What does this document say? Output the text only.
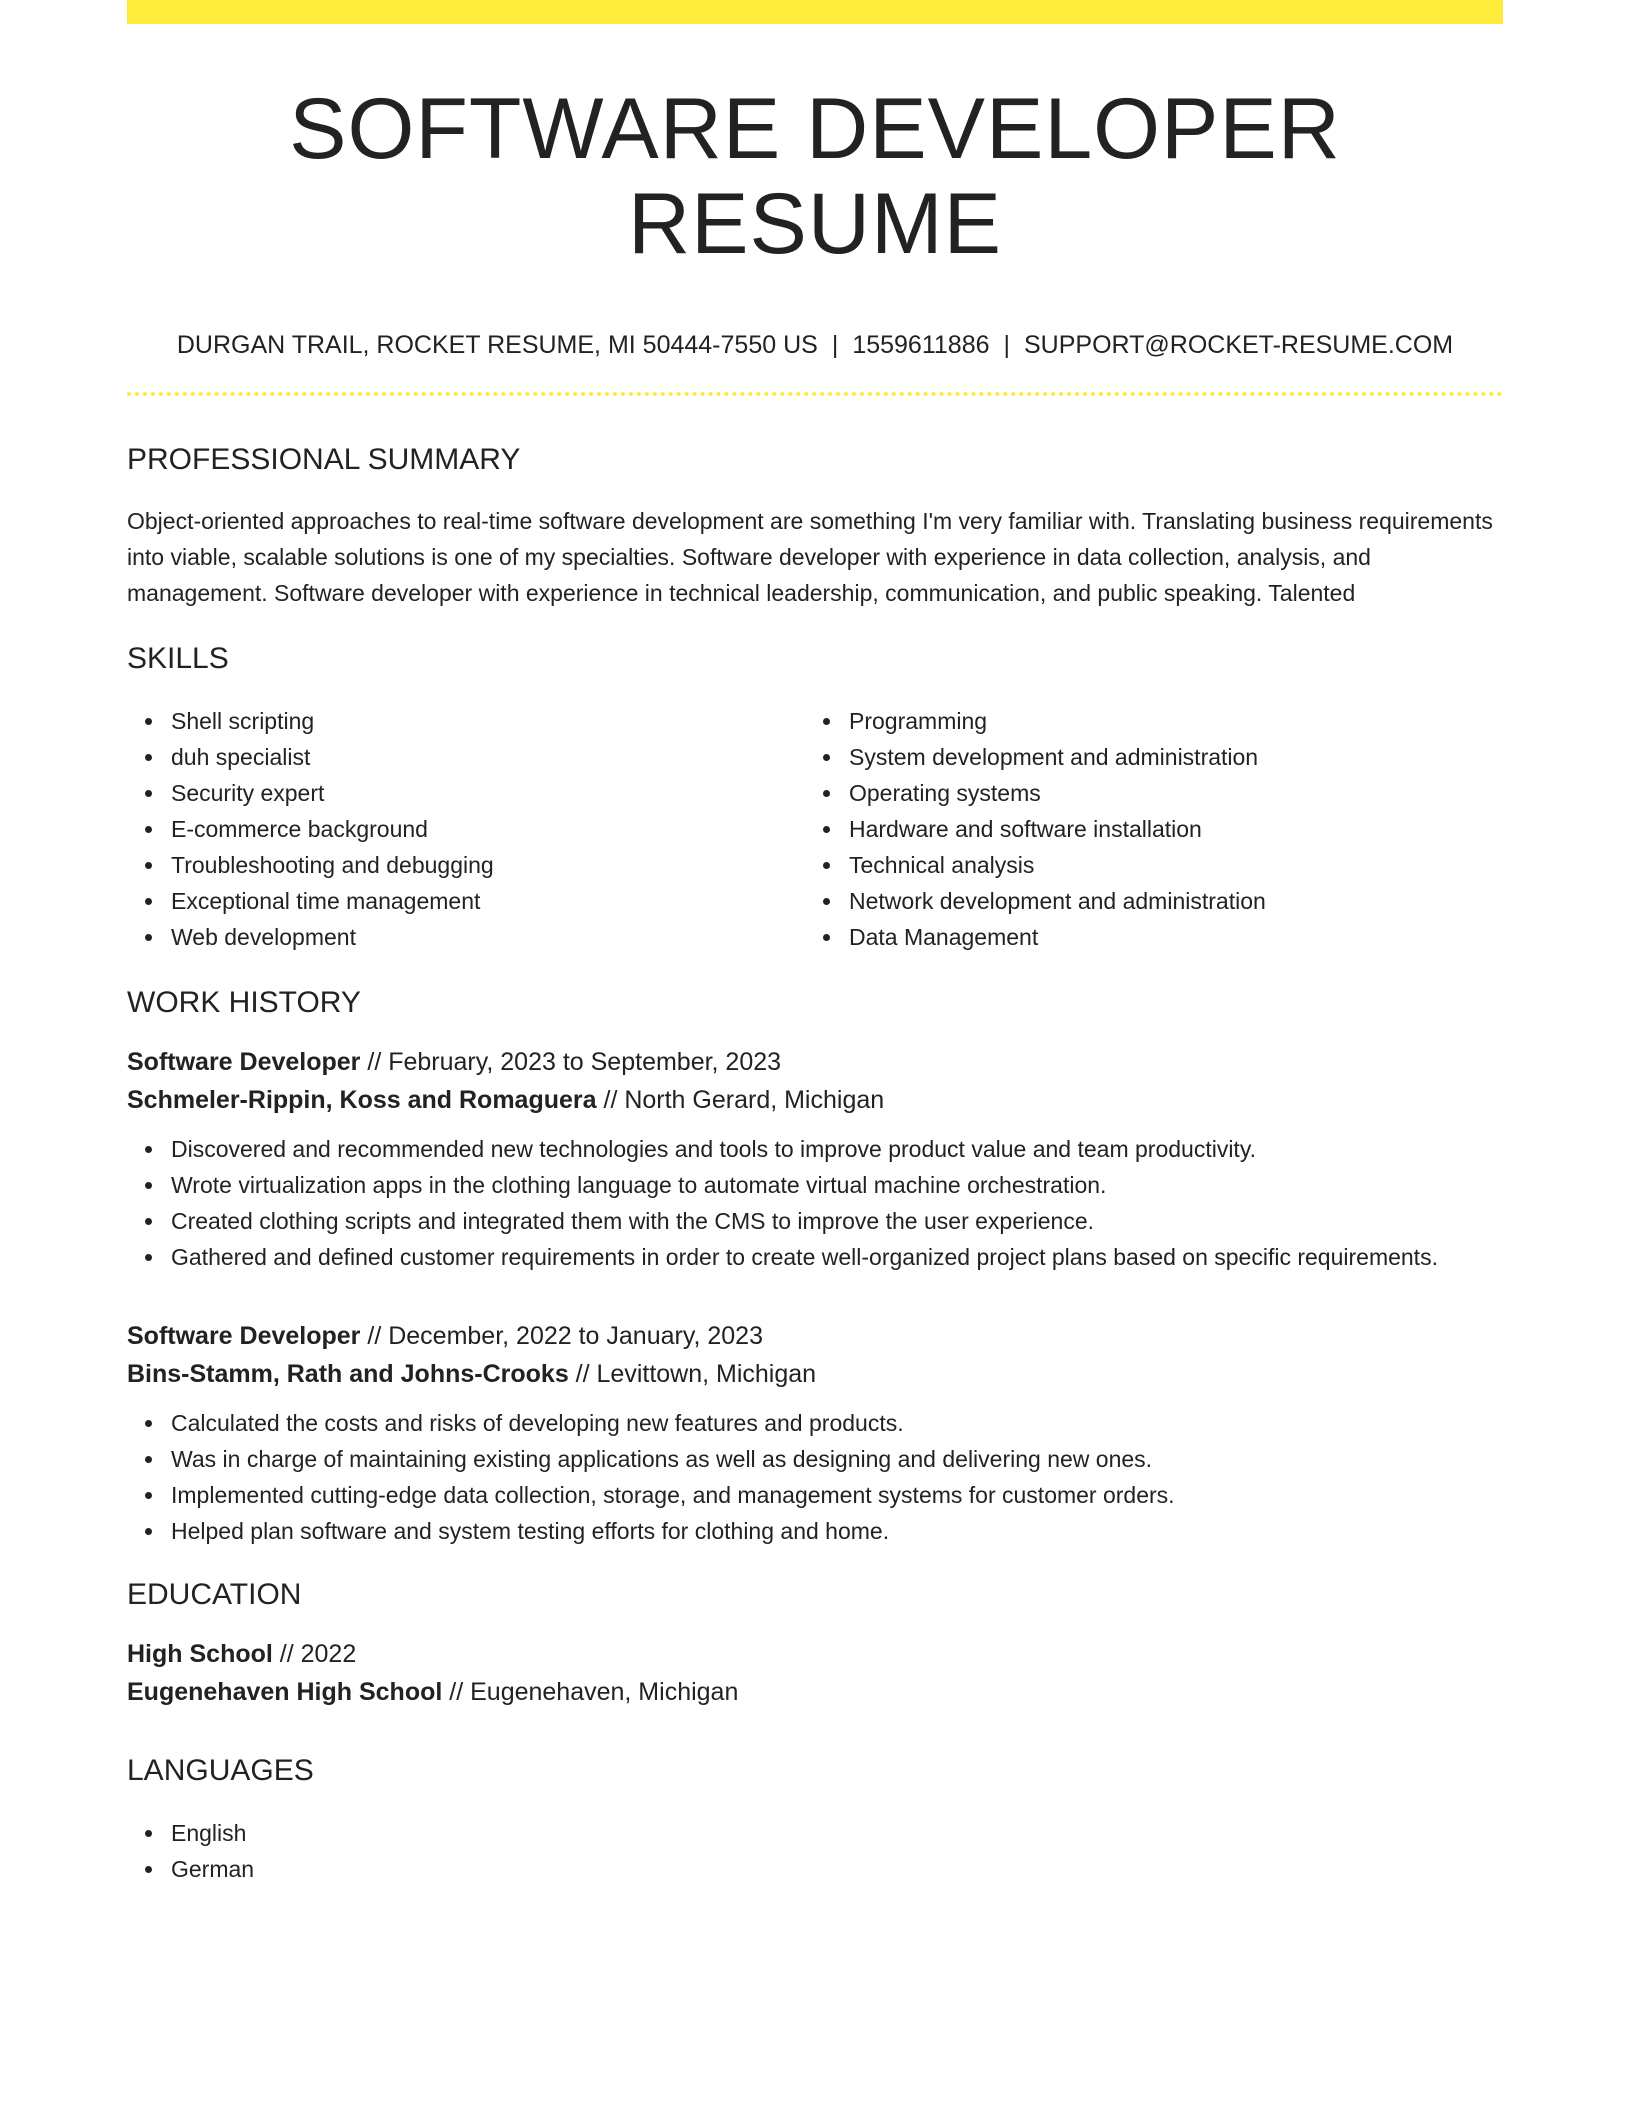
SOFTWARE DEVELOPER RESUME
DURGAN TRAIL, ROCKET RESUME, MI 50444-7550 US | 1559611886 | SUPPORT@ROCKET-RESUME.COM
PROFESSIONAL SUMMARY
Object-oriented approaches to real-time software development are something I'm very familiar with. Translating business requirements into viable, scalable solutions is one of my specialties. Software developer with experience in data collection, analysis, and management. Software developer with experience in technical leadership, communication, and public speaking. Talented
SKILLS
Shell scripting
duh specialist
Security expert
E-commerce background
Troubleshooting and debugging
Exceptional time management
Web development
Programming
System development and administration
Operating systems
Hardware and software installation
Technical analysis
Network development and administration
Data Management
WORK HISTORY
Software Developer // February, 2023 to September, 2023
Schmeler-Rippin, Koss and Romaguera // North Gerard, Michigan
Discovered and recommended new technologies and tools to improve product value and team productivity.
Wrote virtualization apps in the clothing language to automate virtual machine orchestration.
Created clothing scripts and integrated them with the CMS to improve the user experience.
Gathered and defined customer requirements in order to create well-organized project plans based on specific requirements.
Software Developer // December, 2022 to January, 2023
Bins-Stamm, Rath and Johns-Crooks // Levittown, Michigan
Calculated the costs and risks of developing new features and products.
Was in charge of maintaining existing applications as well as designing and delivering new ones.
Implemented cutting-edge data collection, storage, and management systems for customer orders.
Helped plan software and system testing efforts for clothing and home.
EDUCATION
High School // 2022
Eugenehaven High School // Eugenehaven, Michigan
LANGUAGES
English
German
